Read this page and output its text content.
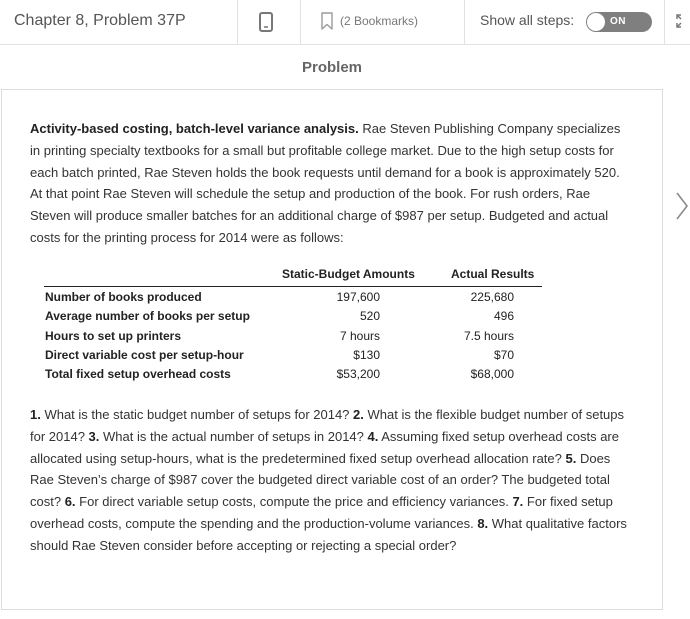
Chapter 8, Problem 37P	(2 Bookmarks)	Show all steps:	ON
Problem
Activity-based costing, batch-level variance analysis. Rae Steven Publishing Company specializes in printing specialty textbooks for a small but profitable college market. Due to the high setup costs for each batch printed, Rae Steven holds the book requests until demand for a book is approximately 520. At that point Rae Steven will schedule the setup and production of the book. For rush orders, Rae Steven will produce smaller batches for an additional charge of $987 per setup. Budgeted and actual costs for the printing process for 2014 were as follows:
Static-Budget Amounts	Actual Results
Number of books produced	197,600	225,680
Average number of books per setup	520	496
Hours to set up printers	7 hours	7.5 hours
Direct variable cost per setup-hour	$130	$70
Total fixed setup overhead costs	$53,200	$68,000
1. What is the static budget number of setups for 2014? 2. What is the flexible budget number of setups for 2014? 3. What is the actual number of setups in 2014? 4. Assuming fixed setup overhead costs are allocated using setup-hours, what is the predetermined fixed setup overhead allocation rate? 5. Does Rae Steven’s charge of $987 cover the budgeted direct variable cost of an order? The budgeted total cost? 6. For direct variable setup costs, compute the price and efficiency variances. 7. For fixed setup overhead costs, compute the spending and the production-volume variances. 8. What qualitative factors should Rae Steven consider before accepting or rejecting a special order?
